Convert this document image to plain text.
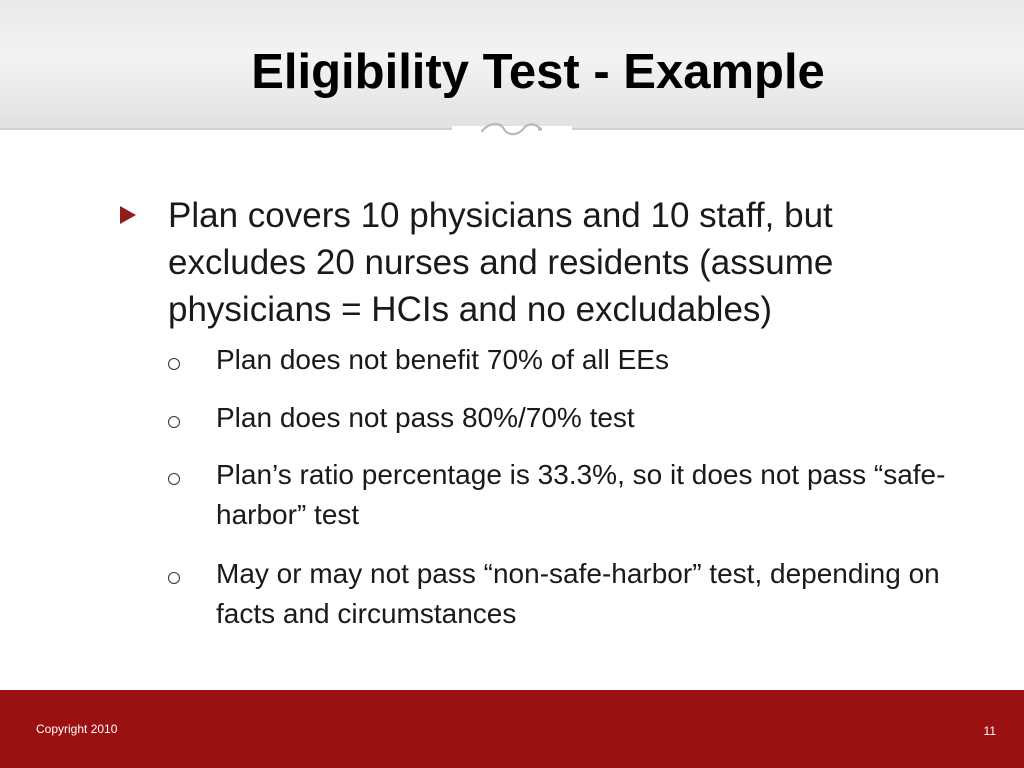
Eligibility Test - Example
Plan covers 10 physicians and 10 staff, but excludes 20 nurses and residents (assume physicians = HCIs and no excludables)
Plan does not benefit 70% of all EEs
Plan does not pass 80%/70% test
Plan’s ratio percentage is 33.3%, so it does not pass “safe-harbor” test
May or may not pass “non-safe-harbor” test, depending on facts and circumstances
Copyright 2010	11
